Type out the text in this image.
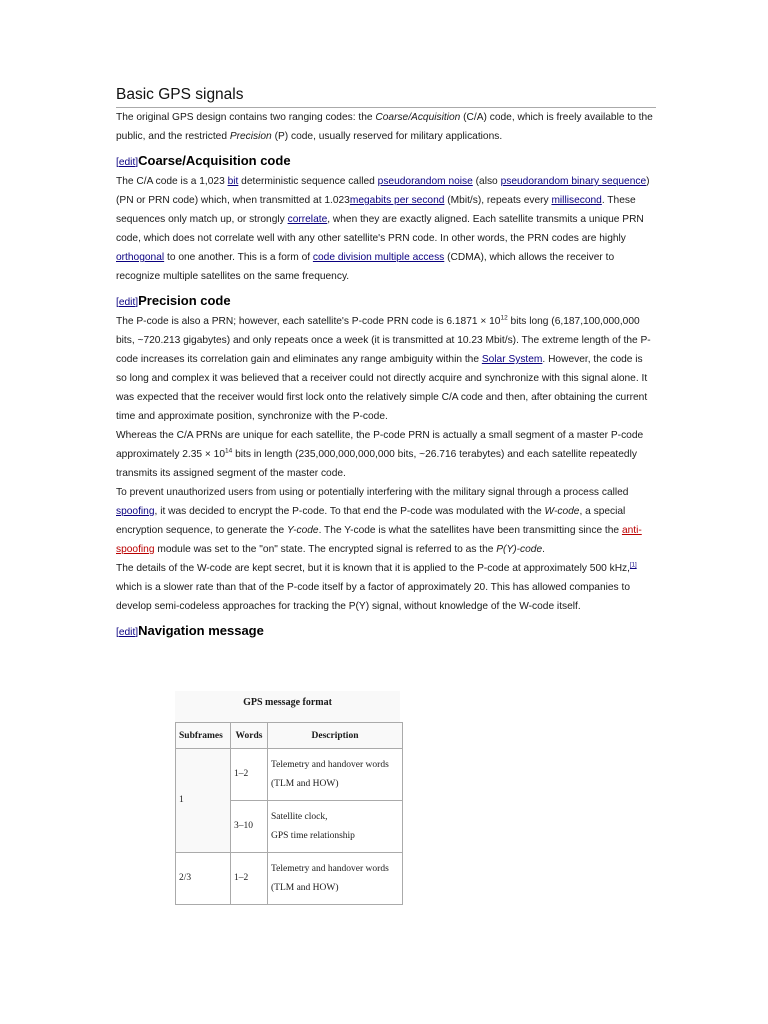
Basic GPS signals

The original GPS design contains two ranging codes: the Coarse/Acquisition (C/A) code, which is freely available to the public, and the restricted Precision (P) code, usually reserved for military applications.

[edit] Coarse/Acquisition code

The C/A code is a 1,023 bit deterministic sequence called pseudorandom noise (also pseudorandom binary sequence) (PN or PRN code) which, when transmitted at 1.023megabits per second (Mbit/s), repeats every millisecond. These sequences only match up, or strongly correlate, when they are exactly aligned. Each satellite transmits a unique PRN code, which does not correlate well with any other satellite's PRN code. In other words, the PRN codes are highly orthogonal to one another. This is a form of code division multiple access (CDMA), which allows the receiver to recognize multiple satellites on the same frequency.

[edit] Precision code

The P-code is also a PRN; however, each satellite's P-code PRN code is $6.1871 \times 10^{12}$ bits long (6,187,100,000,000 bits, ~720.213 gigabytes) and only repeats once a week (it is transmitted at 10.23 Mbit/s). The extreme length of the P-code increases its correlation gain and eliminates any range ambiguity within the Solar System. However, the code is so long and complex it was believed that a receiver could not directly acquire and synchronize with this signal alone. It was expected that the receiver would first lock onto the relatively simple C/A code and then, after obtaining the current time and approximate position, synchronize with the P-code.

Whereas the C/A PRNs are unique for each satellite, the P-code PRN is actually a small segment of a master P-code approximately $2.35 \times 10^{14}$ bits in length (235,000,000,000,000 bits, ~26.716 terabytes) and each satellite repeatedly transmits its assigned segment of the master code.

To prevent unauthorized users from using or potentially interfering with the military signal through a process called spoofing, it was decided to encrypt the P-code. To that end the P-code was modulated with the W-code, a special encryption sequence, to generate the Y-code. The Y-code is what the satellites have been transmitting since the anti-spoofing module was set to the "on" state. The encrypted signal is referred to as the P(Y)-code.

The details of the W-code are kept secret, but it is known that it is applied to the P-code at approximately 500 kHz,[1] which is a slower rate than that of the P-code itself by a factor of approximately 20. This has allowed companies to develop semi-codeless approaches for tracking the P(Y) signal, without knowledge of the W-code itself.

[edit] Navigation message
GPS message format
Subframes	Words	Description
1	1–2	Telemetry and handover words
(TLM and HOW)
	3–10	Satellite clock,
GPS time relationship
2/3	1–2	Telemetry and handover words
(TLM and HOW)
